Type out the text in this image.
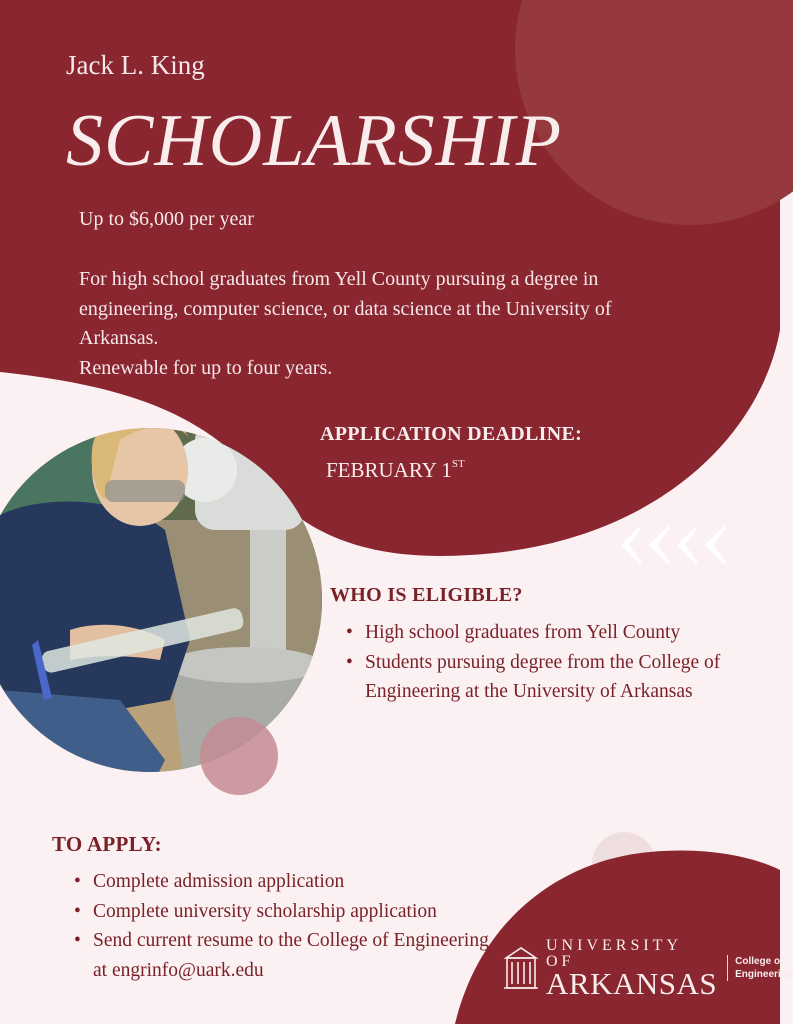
Jack L. King
SCHOLARSHIP
Up to $6,000 per year
For high school graduates from Yell County pursuing a degree in
engineering, computer science, or data science at the University of
Arkansas.
Renewable for up to four years.
APPLICATION DEADLINE:
FEBRUARY 1ST
WHO IS ELIGIBLE?
• High school graduates from Yell County
• Students pursuing degree from the College of Engineering at the University of Arkansas
TO APPLY:
• Complete admission application
• Complete university scholarship application
• Send current resume to the College of Engineering at engrinfo@uark.edu
UNIVERSITY OF
ARKANSAS
College of
Engineering
